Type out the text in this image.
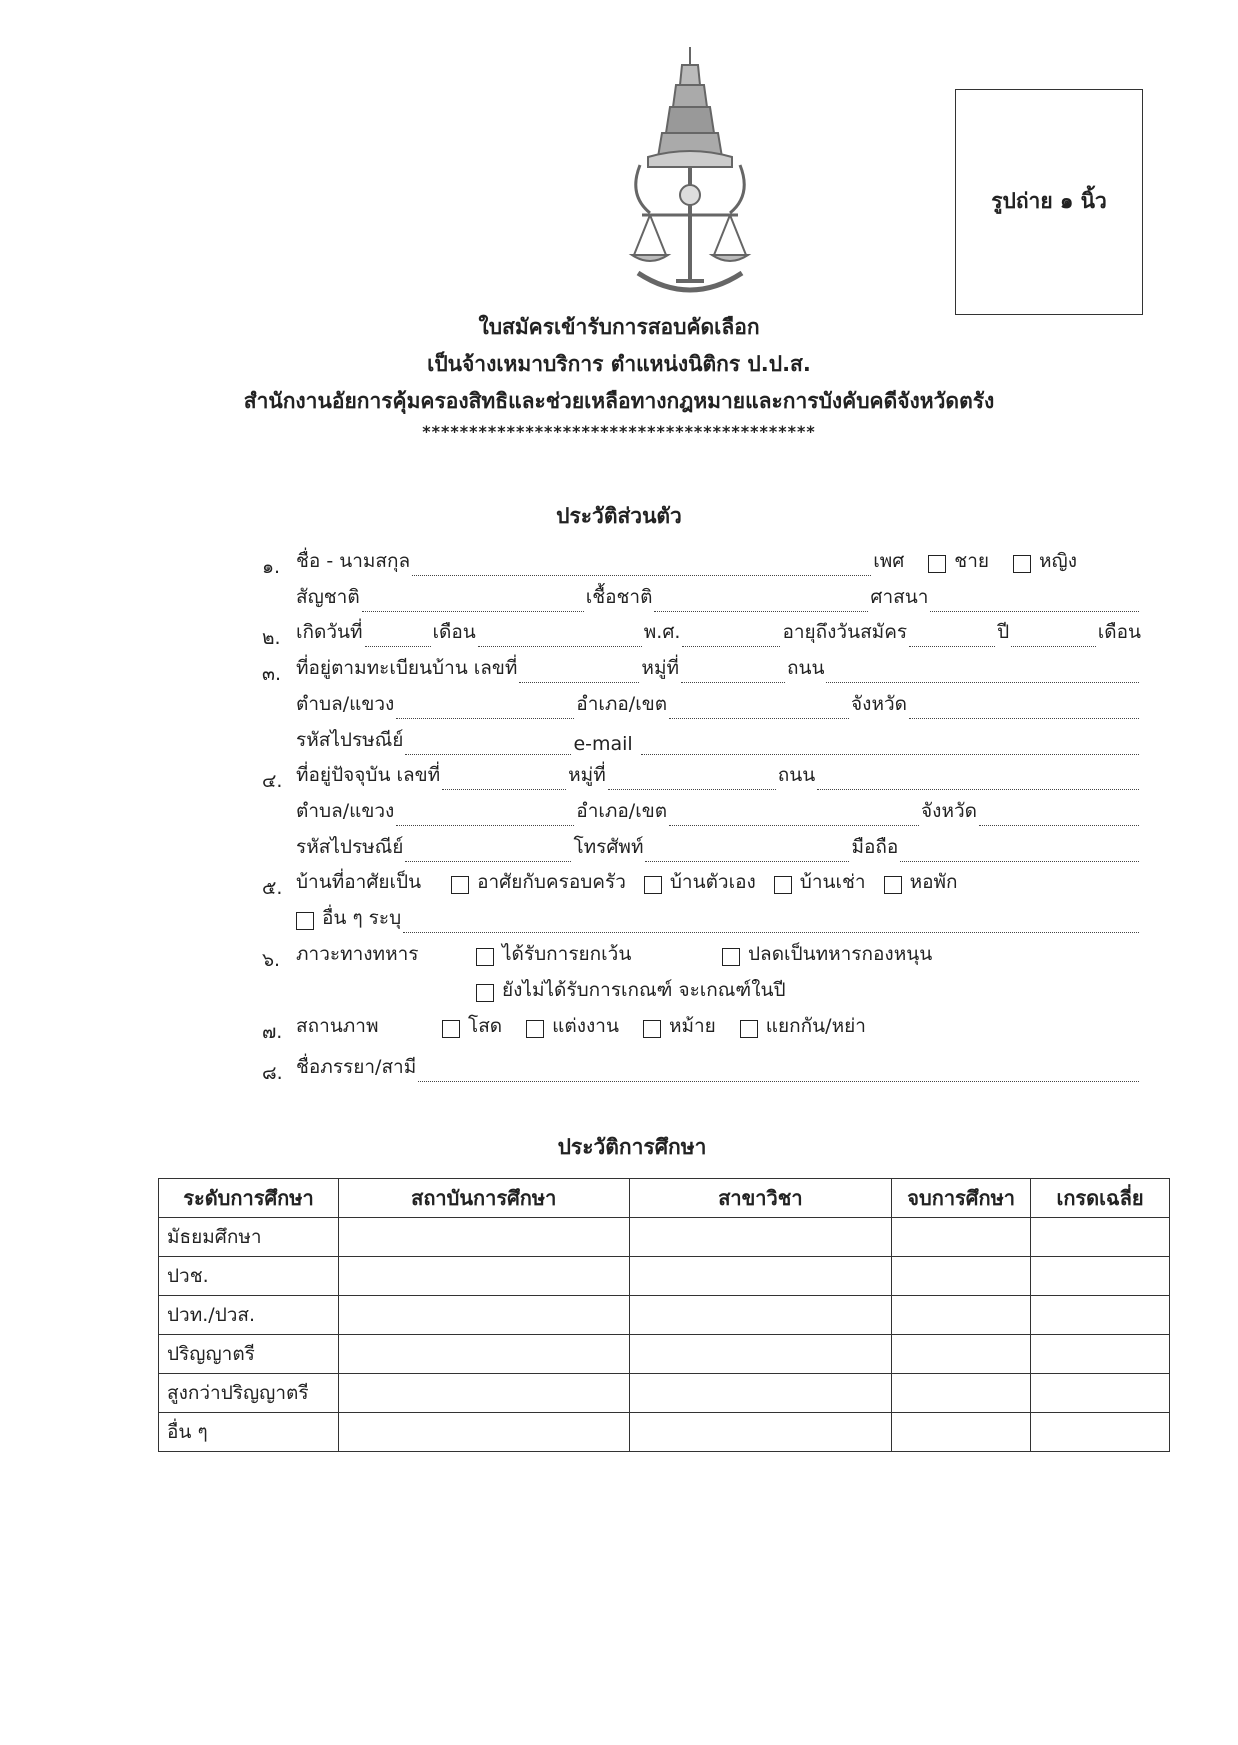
รูปถ่าย ๑ นิ้ว
ใบสมัครเข้ารับการสอบคัดเลือก
เป็นจ้างเหมาบริการ ตำแหน่งนิติกร ป.ป.ส.
สำนักงานอัยการคุ้มครองสิทธิและช่วยเหลือทางกฎหมายและการบังคับคดีจังหวัดตรัง
******************************************
ประวัติส่วนตัว
๑.
๒.
๓.
๔.
๕.
๖.
๗.
๘.
ชื่อ - นามสกุล	เพศ	ชาย	หญิง
สัญชาติ	เชื้อชาติ	ศาสนา
เกิดวันที่	เดือน	พ.ศ.	อายุถึงวันสมัคร	ปี	เดือน
ที่อยู่ตามทะเบียนบ้าน เลขที่	หมู่ที่	ถนน
ตำบล/แขวง	อำเภอ/เขต	จังหวัด
รหัสไปรษณีย์	e-mail
ที่อยู่ปัจจุบัน เลขที่	หมู่ที่	ถนน
ตำบล/แขวง	อำเภอ/เขต	จังหวัด
รหัสไปรษณีย์	โทรศัพท์	มือถือ
บ้านที่อาศัยเป็น	อาศัยกับครอบครัว บ้านตัวเอง บ้านเช่า หอพัก
อื่น ๆ ระบุ
ภาวะทางทหาร	ได้รับการยกเว้น	ปลดเป็นทหารกองหนุน
ยังไม่ได้รับการเกณฑ์ จะเกณฑ์ในปี
สถานภาพ	โสด	แต่งงาน	หม้าย	แยกกัน/หย่า
ชื่อภรรยา/สามี
ประวัติการศึกษา
ระดับการศึกษา	สถาบันการศึกษา	สาขาวิชา	จบการศึกษา	เกรดเฉลี่ย
มัธยมศึกษา				
ปวช.				
ปวท./ปวส.				
ปริญญาตรี				
สูงกว่าปริญญาตรี				
อื่น ๆ				
